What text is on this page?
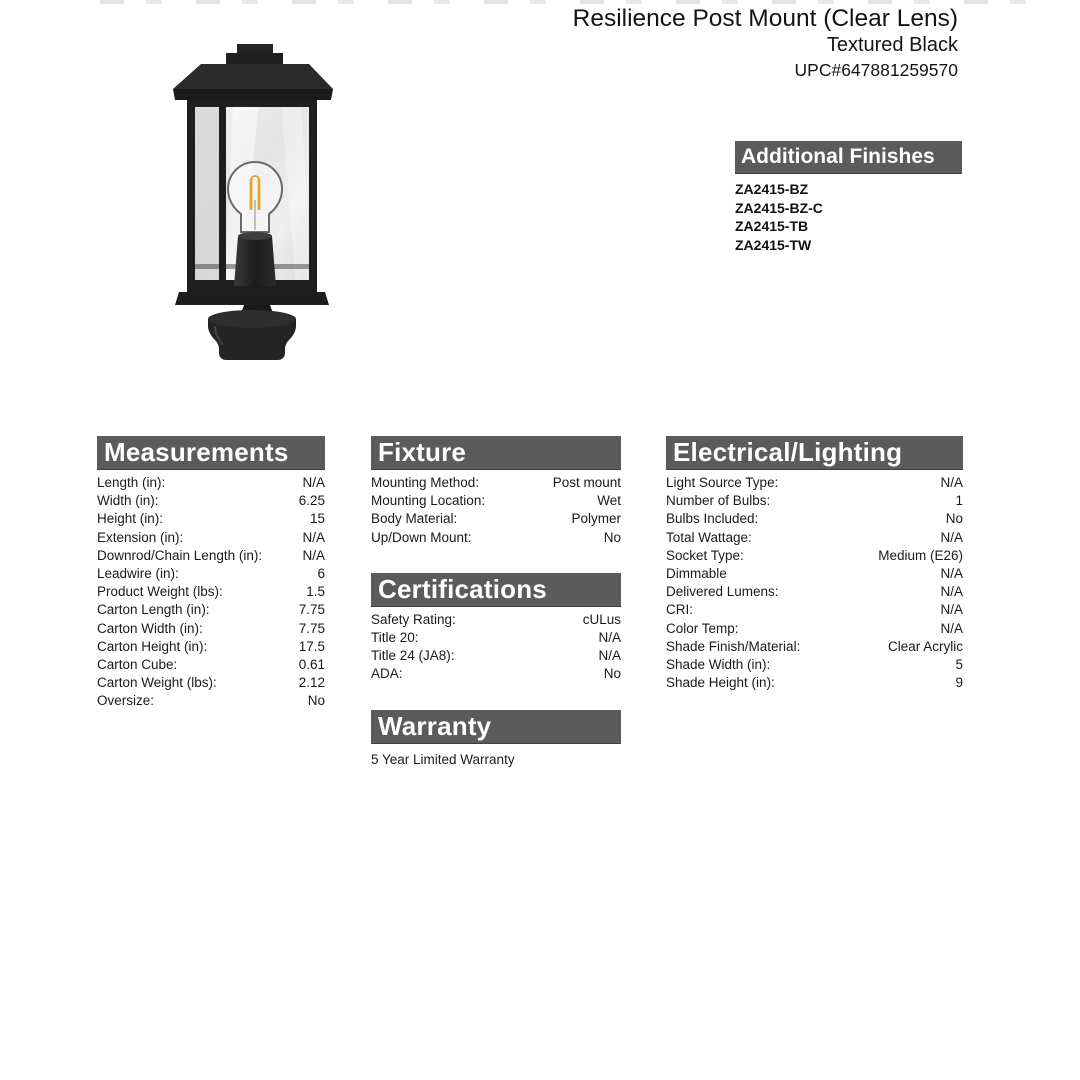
Resilience Post Mount (Clear Lens)
Textured Black
UPC#647881259570
Additional Finishes
ZA2415-BZ
ZA2415-BZ-C
ZA2415-TB
ZA2415-TW
Measurements
Length (in):	N/A
Width (in):	6.25
Height (in):	15
Extension (in):	N/A
Downrod/Chain Length (in):	N/A
Leadwire (in):	6
Product Weight (lbs):	1.5
Carton Length (in):	7.75
Carton Width (in):	7.75
Carton Height (in):	17.5
Carton Cube:	0.61
Carton Weight (lbs):	2.12
Oversize:	No
Fixture
Mounting Method:	Post mount
Mounting Location:	Wet
Body Material:	Polymer
Up/Down Mount:	No
Certifications
Safety Rating:	cULus
Title 20:	N/A
Title 24 (JA8):	N/A
ADA:	No
Warranty
5 Year Limited Warranty
Electrical/Lighting
Light Source Type:	N/A
Number of Bulbs:	1
Bulbs Included:	No
Total Wattage:	N/A
Socket Type:	Medium (E26)
Dimmable	N/A
Delivered Lumens:	N/A
CRI:	N/A
Color Temp:	N/A
Shade Finish/Material:	Clear Acrylic
Shade Width (in):	5
Shade Height (in):	9
